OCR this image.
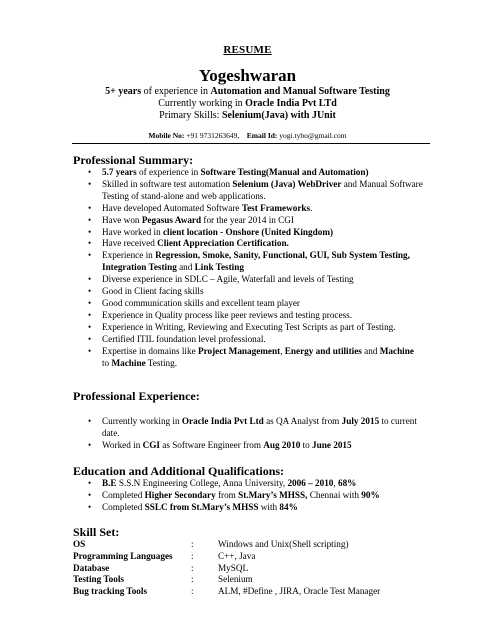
RESUME
Yogeshwaran
5+ years of experience in Automation and Manual Software Testing
Currently working in Oracle India Pvt LTd
Primary Skills: Selenium(Java) with JUnit
Mobile No: +91 9731263649, Email Id: yogi.tybo@gmail.com
Professional Summary:
• 5.7 years of experience in Software Testing(Manual and Automation)
• Skilled in software test automation Selenium (Java) WebDriver and Manual Software Testing of stand-alone and web applications.
• Have developed Automated Software Test Frameworks.
• Have won Pegasus Award for the year 2014 in CGI
• Have worked in client location - Onshore (United Kingdom)
• Have received Client Appreciation Certification.
• Experience in Regression, Smoke, Sanity, Functional, GUI, Sub System Testing, Integration Testing and Link Testing
• Diverse experience in SDLC – Agile, Waterfall and levels of Testing
• Good in Client facing skills
• Good communication skills and excellent team player
• Experience in Quality process like peer reviews and testing process.
• Experience in Writing, Reviewing and Executing Test Scripts as part of Testing.
• Certified ITIL foundation level professional.
• Expertise in domains like Project Management, Energy and utilities and Machine to Machine Testing.
Professional Experience:
• Currently working in Oracle India Pvt Ltd as QA Analyst from July 2015 to current date.
• Worked in CGI as Software Engineer from Aug 2010 to June 2015
Education and Additional Qualifications:
• B.E S.S.N Engineering College, Anna University, 2006 – 2010, 68%
• Completed Higher Secondary from St.Mary’s MHSS, Chennai with 90%
• Completed SSLC from St.Mary’s MHSS with 84%
Skill Set:
OS	:	Windows and Unix(Shell scripting)
Programming Languages	:	C++, Java
Database	:	MySQL
Testing Tools	:	Selenium
Bug tracking Tools	:	ALM, #Define , JIRA, Oracle Test Manager
